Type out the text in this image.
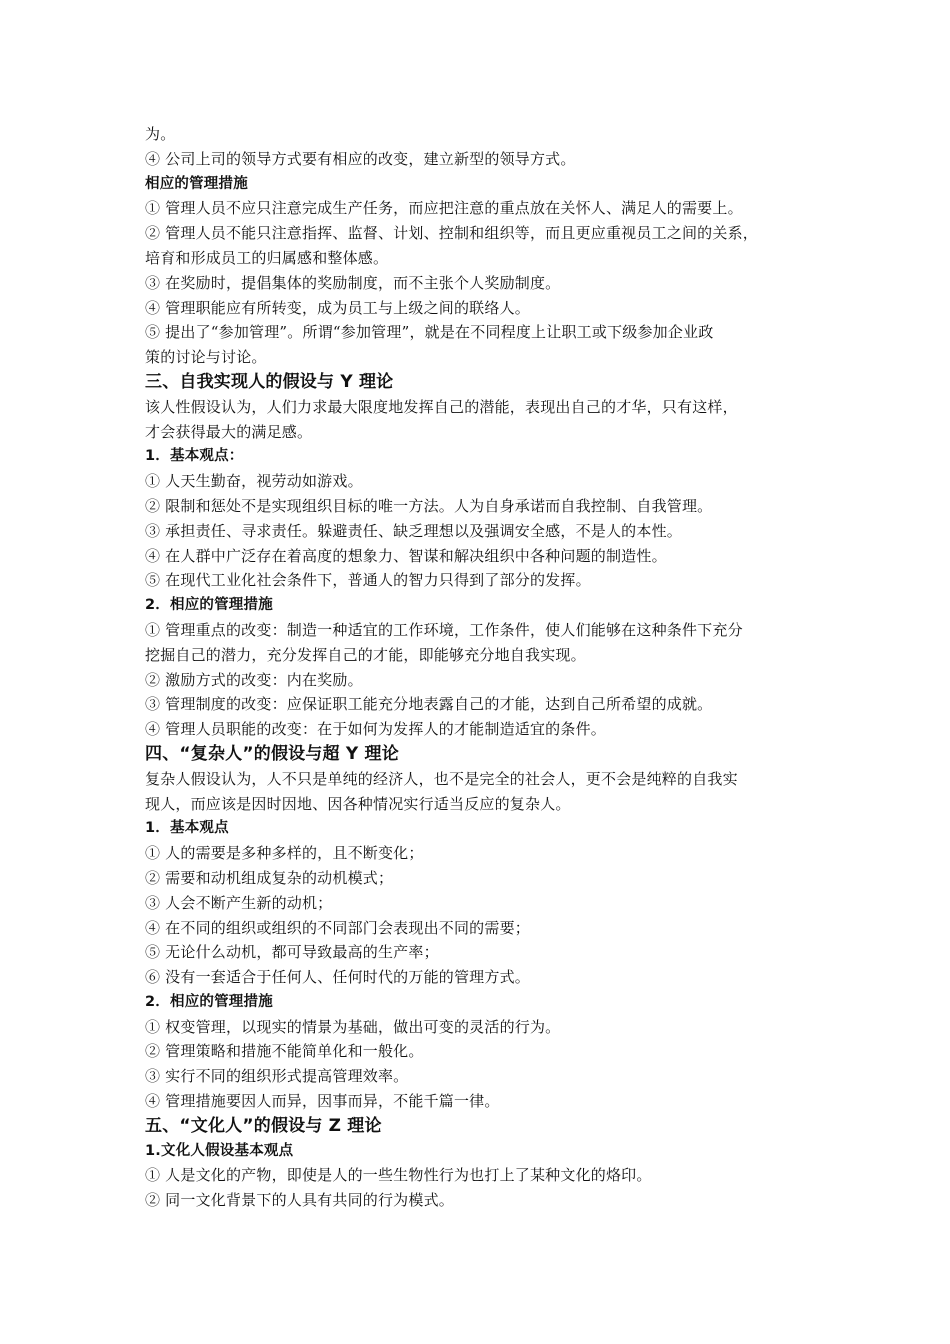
为。
④ 公司上司的领导方式要有相应的改变，建立新型的领导方式。
相应的管理措施
① 管理人员不应只注意完成生产任务，而应把注意的重点放在关怀人、满足人的需要上。
② 管理人员不能只注意指挥、监督、计划、控制和组织等，而且更应重视员工之间的关系，
培育和形成员工的归属感和整体感。
③ 在奖励时，提倡集体的奖励制度，而不主张个人奖励制度。
④ 管理职能应有所转变，成为员工与上级之间的联络人。
⑤ 提出了“参加管理”。所谓“参加管理”，就是在不同程度上让职工或下级参加企业政
策的讨论与讨论。
三、自我实现人的假设与 Y 理论
该人性假设认为，人们力求最大限度地发挥自己的潜能，表现出自己的才华，只有这样，
才会获得最大的满足感。
1．基本观点：
① 人天生勤奋，视劳动如游戏。
② 限制和惩处不是实现组织目标的唯一方法。人为自身承诺而自我控制、自我管理。
③ 承担责任、寻求责任。躲避责任、缺乏理想以及强调安全感，不是人的本性。
④ 在人群中广泛存在着高度的想象力、智谋和解决组织中各种问题的制造性。
⑤ 在现代工业化社会条件下，普通人的智力只得到了部分的发挥。
2．相应的管理措施
① 管理重点的改变：制造一种适宜的工作环境，工作条件，使人们能够在这种条件下充分
挖掘自己的潜力，充分发挥自己的才能，即能够充分地自我实现。
② 激励方式的改变：内在奖励。
③ 管理制度的改变：应保证职工能充分地表露自己的才能，达到自己所希望的成就。
④ 管理人员职能的改变：在于如何为发挥人的才能制造适宜的条件。
四、“复杂人”的假设与超 Y 理论
复杂人假设认为，人不只是单纯的经济人，也不是完全的社会人，更不会是纯粹的自我实
现人，而应该是因时因地、因各种情况实行适当反应的复杂人。
1．基本观点
① 人的需要是多种多样的，且不断变化；
② 需要和动机组成复杂的动机模式；
③ 人会不断产生新的动机；
④ 在不同的组织或组织的不同部门会表现出不同的需要；
⑤ 无论什么动机，都可导致最高的生产率；
⑥ 没有一套适合于任何人、任何时代的万能的管理方式。
2．相应的管理措施
① 权变管理，以现实的情景为基础，做出可变的灵活的行为。
② 管理策略和措施不能简单化和一般化。
③ 实行不同的组织形式提高管理效率。
④ 管理措施要因人而异，因事而异，不能千篇一律。
五、“文化人”的假设与 Z 理论
1.文化人假设基本观点
① 人是文化的产物，即使是人的一些生物性行为也打上了某种文化的烙印。
② 同一文化背景下的人具有共同的行为模式。
